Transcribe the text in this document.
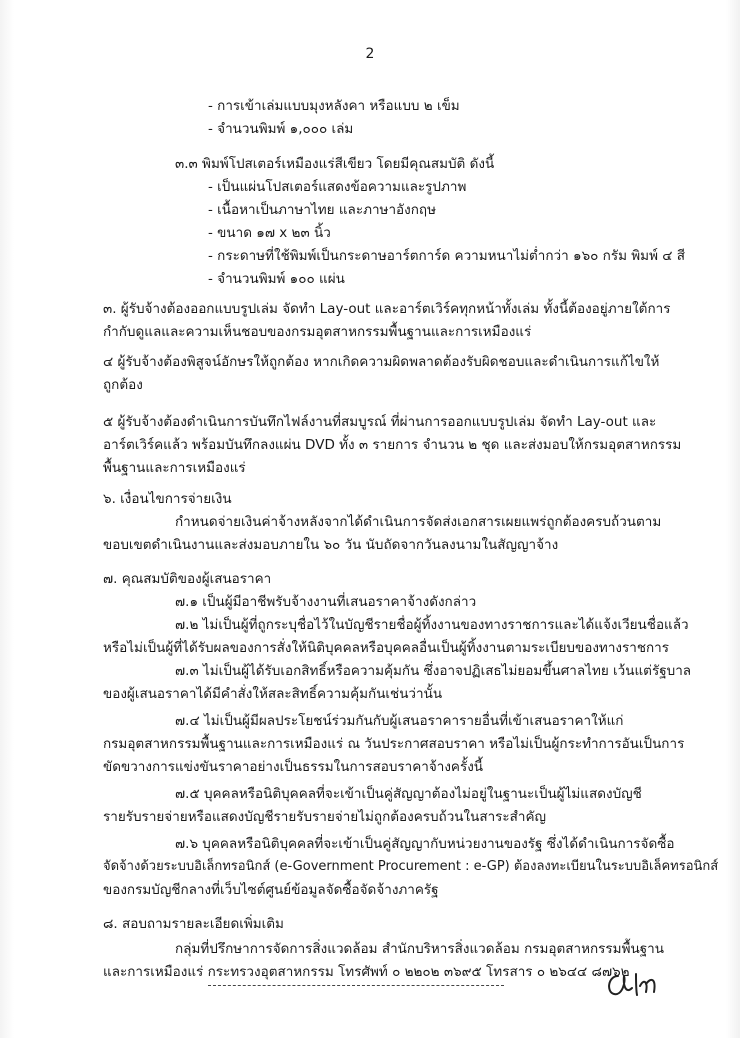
2
- การเข้าเล่มแบบมุงหลังคา หรือแบบ ๒ เข็ม
- จำนวนพิมพ์ ๑,๐๐๐ เล่ม
๓.๓ พิมพ์โปสเตอร์เหมืองแร่สีเขียว โดยมีคุณสมบัติ ดังนี้
- เป็นแผ่นโปสเตอร์แสดงข้อความและรูปภาพ
- เนื้อหาเป็นภาษาไทย และภาษาอังกฤษ
- ขนาด ๑๗ x ๒๓ นิ้ว
- กระดาษที่ใช้พิมพ์เป็นกระดาษอาร์ตการ์ด ความหนาไม่ต่ำกว่า ๑๖๐ กรัม พิมพ์ ๔ สี
- จำนวนพิมพ์ ๑๐๐ แผ่น
๓. ผู้รับจ้างต้องออกแบบรูปเล่ม จัดทำ Lay-out และอาร์ตเวิร์คทุกหน้าทั้งเล่ม ทั้งนี้ต้องอยู่ภายใต้การ
กำกับดูแลและความเห็นชอบของกรมอุตสาหกรรมพื้นฐานและการเหมืองแร่
๔ ผู้รับจ้างต้องพิสูจน์อักษรให้ถูกต้อง หากเกิดความผิดพลาดต้องรับผิดชอบและดำเนินการแก้ไขให้
ถูกต้อง
๕ ผู้รับจ้างต้องดำเนินการบันทึกไฟล์งานที่สมบูรณ์ ที่ผ่านการออกแบบรูปเล่ม จัดทำ Lay-out และ
อาร์ตเวิร์คแล้ว พร้อมบันทึกลงแผ่น DVD ทั้ง ๓ รายการ จำนวน ๒ ชุด และส่งมอบให้กรมอุตสาหกรรม
พื้นฐานและการเหมืองแร่
๖. เงื่อนไขการจ่ายเงิน
กำหนดจ่ายเงินค่าจ้างหลังจากได้ดำเนินการจัดส่งเอกสารเผยแพร่ถูกต้องครบถ้วนตาม
ขอบเขตดำเนินงานและส่งมอบภายใน ๖๐ วัน นับถัดจากวันลงนามในสัญญาจ้าง
๗. คุณสมบัติของผู้เสนอราคา
๗.๑ เป็นผู้มีอาชีพรับจ้างงานที่เสนอราคาจ้างดังกล่าว
๗.๒ ไม่เป็นผู้ที่ถูกระบุชื่อไว้ในบัญชีรายชื่อผู้ทิ้งงานของทางราชการและได้แจ้งเวียนชื่อแล้ว
หรือไม่เป็นผู้ที่ได้รับผลของการสั่งให้นิติบุคคลหรือบุคคลอื่นเป็นผู้ทิ้งงานตามระเบียบของทางราชการ
๗.๓ ไม่เป็นผู้ได้รับเอกสิทธิ์หรือความคุ้มกัน ซึ่งอาจปฏิเสธไม่ยอมขึ้นศาลไทย เว้นแต่รัฐบาล
ของผู้เสนอราคาได้มีคำสั่งให้สละสิทธิ์ความคุ้มกันเช่นว่านั้น
๗.๔ ไม่เป็นผู้มีผลประโยชน์ร่วมกันกับผู้เสนอราคารายอื่นที่เข้าเสนอราคาให้แก่
กรมอุตสาหกรรมพื้นฐานและการเหมืองแร่ ณ วันประกาศสอบราคา หรือไม่เป็นผู้กระทำการอันเป็นการ
ขัดขวางการแข่งขันราคาอย่างเป็นธรรมในการสอบราคาจ้างครั้งนี้
๗.๕ บุคคลหรือนิติบุคคลที่จะเข้าเป็นคู่สัญญาต้องไม่อยู่ในฐานะเป็นผู้ไม่แสดงบัญชี
รายรับรายจ่ายหรือแสดงบัญชีรายรับรายจ่ายไม่ถูกต้องครบถ้วนในสาระสำคัญ
๗.๖ บุคคลหรือนิติบุคคลที่จะเข้าเป็นคู่สัญญากับหน่วยงานของรัฐ ซึ่งได้ดำเนินการจัดซื้อ
จัดจ้างด้วยระบบอิเล็กทรอนิกส์ (e-Government Procurement : e-GP) ต้องลงทะเบียนในระบบอิเล็คทรอนิกส์
ของกรมบัญชีกลางที่เว็บไซต์ศูนย์ข้อมูลจัดซื้อจัดจ้างภาครัฐ
๘. สอบถามรายละเอียดเพิ่มเติม
กลุ่มที่ปรึกษาการจัดการสิ่งแวดล้อม สำนักบริหารสิ่งแวดล้อม กรมอุตสาหกรรมพื้นฐาน
และการเหมืองแร่ กระทรวงอุตสาหกรรม โทรศัพท์ ๐ ๒๒๐๒ ๓๖๙๕ โทรสาร ๐ ๒๖๔๔ ๘๗๖๒
